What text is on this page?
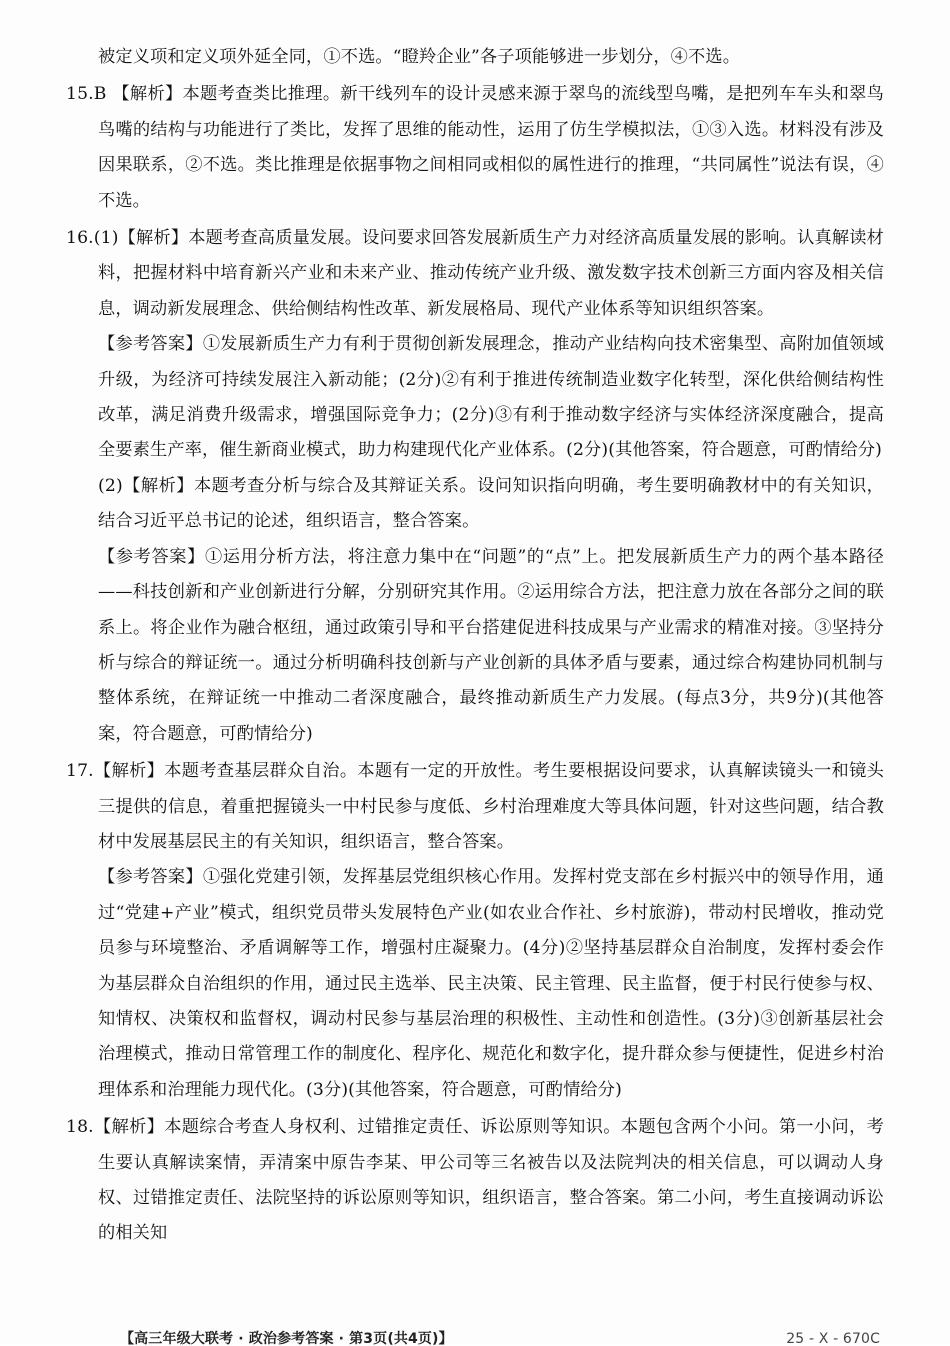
被定义项和定义项外延全同，①不选。“瞪羚企业”各子项能够进一步划分，④不选。

15.B 【解析】本题考查类比推理。新干线列车的设计灵感来源于翠鸟的流线型鸟嘴，是把列车车头和翠鸟鸟嘴的结构与功能进行了类比，发挥了思维的能动性，运用了仿生学模拟法，①③入选。材料没有涉及因果联系，②不选。类比推理是依据事物之间相同或相似的属性进行的推理，“共同属性”说法有误，④不选。

16.(1)【解析】本题考查高质量发展。设问要求回答发展新质生产力对经济高质量发展的影响。认真解读材料，把握材料中培育新兴产业和未来产业、推动传统产业升级、激发数字技术创新三方面内容及相关信息，调动新发展理念、供给侧结构性改革、新发展格局、现代产业体系等知识组织答案。

【参考答案】①发展新质生产力有利于贯彻创新发展理念，推动产业结构向技术密集型、高附加值领域升级，为经济可持续发展注入新动能；(2分)②有利于推进传统制造业数字化转型，深化供给侧结构性改革，满足消费升级需求，增强国际竞争力；(2分)③有利于推动数字经济与实体经济深度融合，提高全要素生产率，催生新商业模式，助力构建现代化产业体系。(2分)(其他答案，符合题意，可酌情给分)

(2)【解析】本题考查分析与综合及其辩证关系。设问知识指向明确，考生要明确教材中的有关知识，结合习近平总书记的论述，组织语言，整合答案。

【参考答案】①运用分析方法，将注意力集中在“问题”的“点”上。把发展新质生产力的两个基本路径——科技创新和产业创新进行分解，分别研究其作用。②运用综合方法，把注意力放在各部分之间的联系上。将企业作为融合枢纽，通过政策引导和平台搭建促进科技成果与产业需求的精准对接。③坚持分析与综合的辩证统一。通过分析明确科技创新与产业创新的具体矛盾与要素，通过综合构建协同机制与整体系统，在辩证统一中推动二者深度融合，最终推动新质生产力发展。(每点3分，共9分)(其他答案，符合题意，可酌情给分)

17.【解析】本题考查基层群众自治。本题有一定的开放性。考生要根据设问要求，认真解读镜头一和镜头三提供的信息，着重把握镜头一中村民参与度低、乡村治理难度大等具体问题，针对这些问题，结合教材中发展基层民主的有关知识，组织语言，整合答案。

【参考答案】①强化党建引领，发挥基层党组织核心作用。发挥村党支部在乡村振兴中的领导作用，通过“党建+产业”模式，组织党员带头发展特色产业(如农业合作社、乡村旅游)，带动村民增收，推动党员参与环境整治、矛盾调解等工作，增强村庄凝聚力。(4分)②坚持基层群众自治制度，发挥村委会作为基层群众自治组织的作用，通过民主选举、民主决策、民主管理、民主监督，便于村民行使参与权、知情权、决策权和监督权，调动村民参与基层治理的积极性、主动性和创造性。(3分)③创新基层社会治理模式，推动日常管理工作的制度化、程序化、规范化和数字化，提升群众参与便捷性，促进乡村治理体系和治理能力现代化。(3分)(其他答案，符合题意，可酌情给分)

18.【解析】本题综合考查人身权利、过错推定责任、诉讼原则等知识。本题包含两个小问。第一小问，考生要认真解读案情，弄清案中原告李某、甲公司等三名被告以及法院判决的相关信息，可以调动人身权、过错推定责任、法院坚持的诉讼原则等知识，组织语言，整合答案。第二小问，考生直接调动诉讼的相关知

【高三年级大联考 · 政治参考答案 · 第3页(共4页)】	25 - X - 670C
